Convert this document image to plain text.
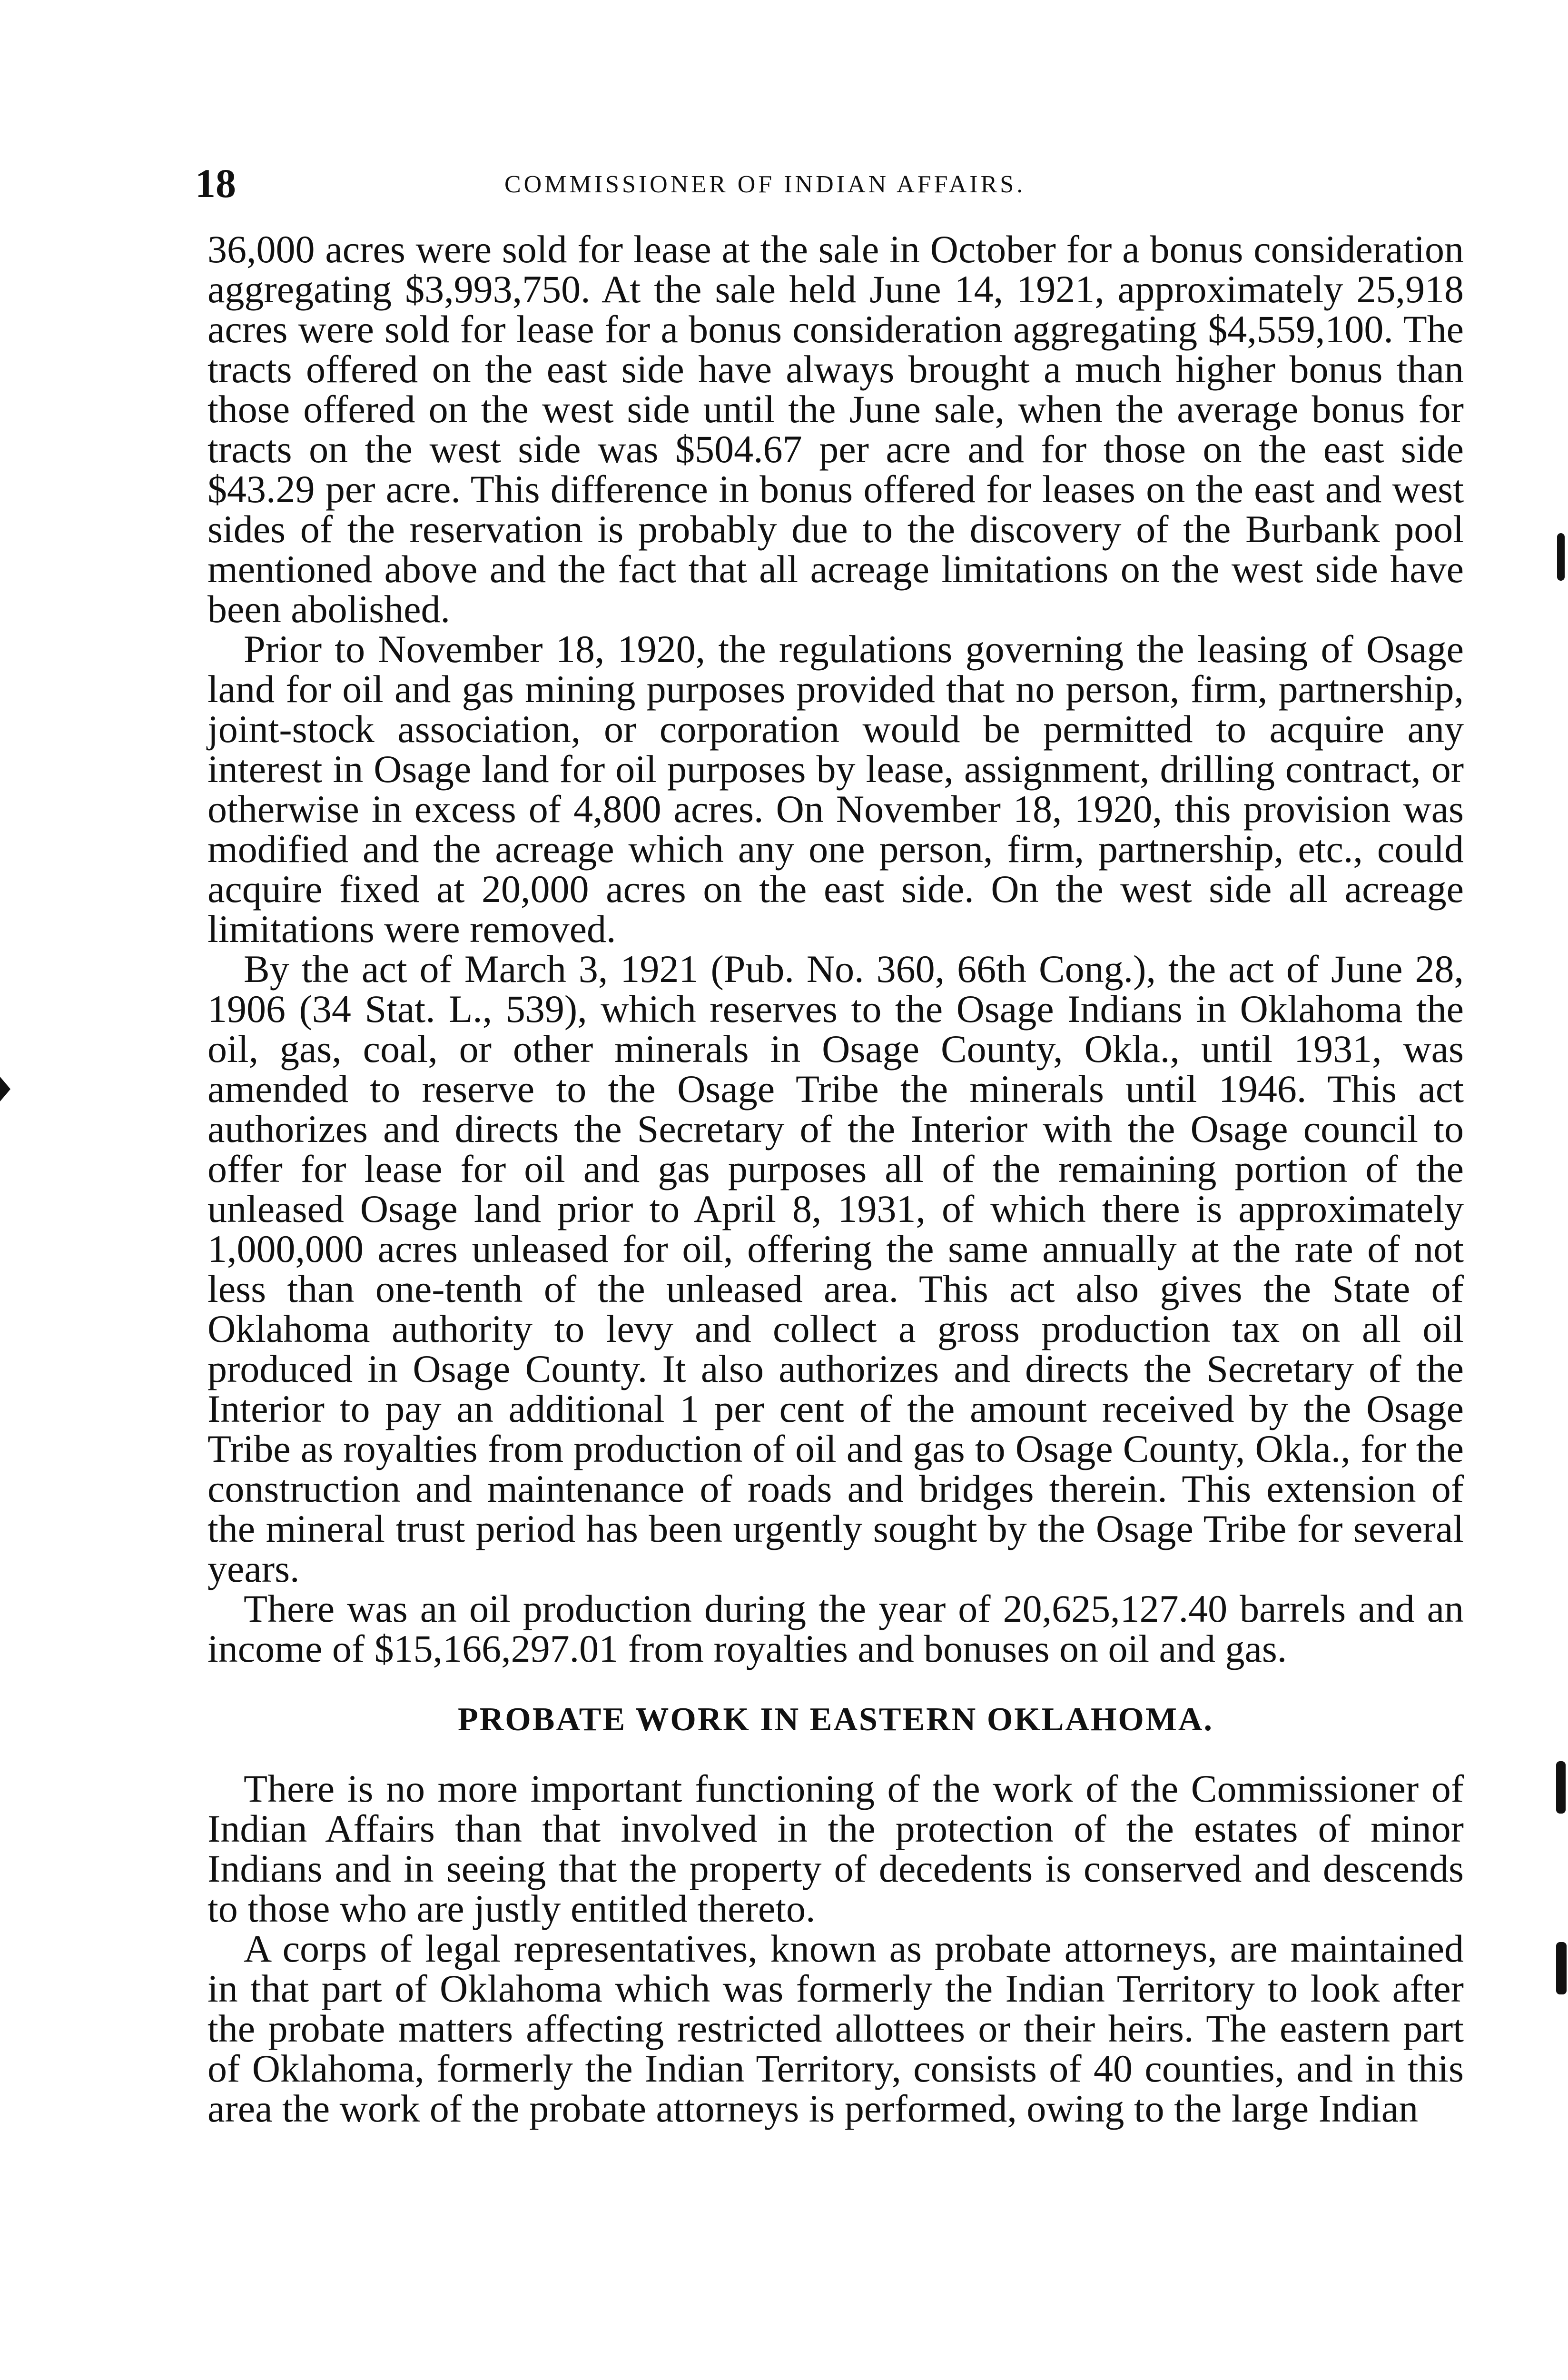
18	COMMISSIONER OF INDIAN AFFAIRS.

36,000 acres were sold for lease at the sale in October for a bonus consideration aggregating $3,993,750. At the sale held June 14, 1921, approximately 25,918 acres were sold for lease for a bonus consideration aggregating $4,559,100. The tracts offered on the east side have always brought a much higher bonus than those offered on the west side until the June sale, when the average bonus for tracts on the west side was $504.67 per acre and for those on the east side $43.29 per acre. This difference in bonus offered for leases on the east and west sides of the reservation is probably due to the discovery of the Burbank pool mentioned above and the fact that all acreage limitations on the west side have been abolished.

Prior to November 18, 1920, the regulations governing the leasing of Osage land for oil and gas mining purposes provided that no person, firm, partnership, joint-stock association, or corporation would be permitted to acquire any interest in Osage land for oil purposes by lease, assignment, drilling contract, or otherwise in excess of 4,800 acres. On November 18, 1920, this provision was modified and the acreage which any one person, firm, partnership, etc., could acquire fixed at 20,000 acres on the east side. On the west side all acreage limitations were removed.

By the act of March 3, 1921 (Pub. No. 360, 66th Cong.), the act of June 28, 1906 (34 Stat. L., 539), which reserves to the Osage Indians in Oklahoma the oil, gas, coal, or other minerals in Osage County, Okla., until 1931, was amended to reserve to the Osage Tribe the minerals until 1946. This act authorizes and directs the Secretary of the Interior with the Osage council to offer for lease for oil and gas purposes all of the remaining portion of the unleased Osage land prior to April 8, 1931, of which there is approximately 1,000,000 acres unleased for oil, offering the same annually at the rate of not less than one-tenth of the unleased area. This act also gives the State of Oklahoma authority to levy and collect a gross production tax on all oil produced in Osage County. It also authorizes and directs the Secretary of the Interior to pay an additional 1 per cent of the amount received by the Osage Tribe as royalties from production of oil and gas to Osage County, Okla., for the construction and maintenance of roads and bridges therein. This extension of the mineral trust period has been urgently sought by the Osage Tribe for several years.

There was an oil production during the year of 20,625,127.40 barrels and an income of $15,166,297.01 from royalties and bonuses on oil and gas.

PROBATE WORK IN EASTERN OKLAHOMA.

There is no more important functioning of the work of the Commissioner of Indian Affairs than that involved in the protection of the estates of minor Indians and in seeing that the property of decedents is conserved and descends to those who are justly entitled thereto.

A corps of legal representatives, known as probate attorneys, are maintained in that part of Oklahoma which was formerly the Indian Territory to look after the probate matters affecting restricted allottees or their heirs. The eastern part of Oklahoma, formerly the Indian Territory, consists of 40 counties, and in this area the work of the probate attorneys is performed, owing to the large Indian
